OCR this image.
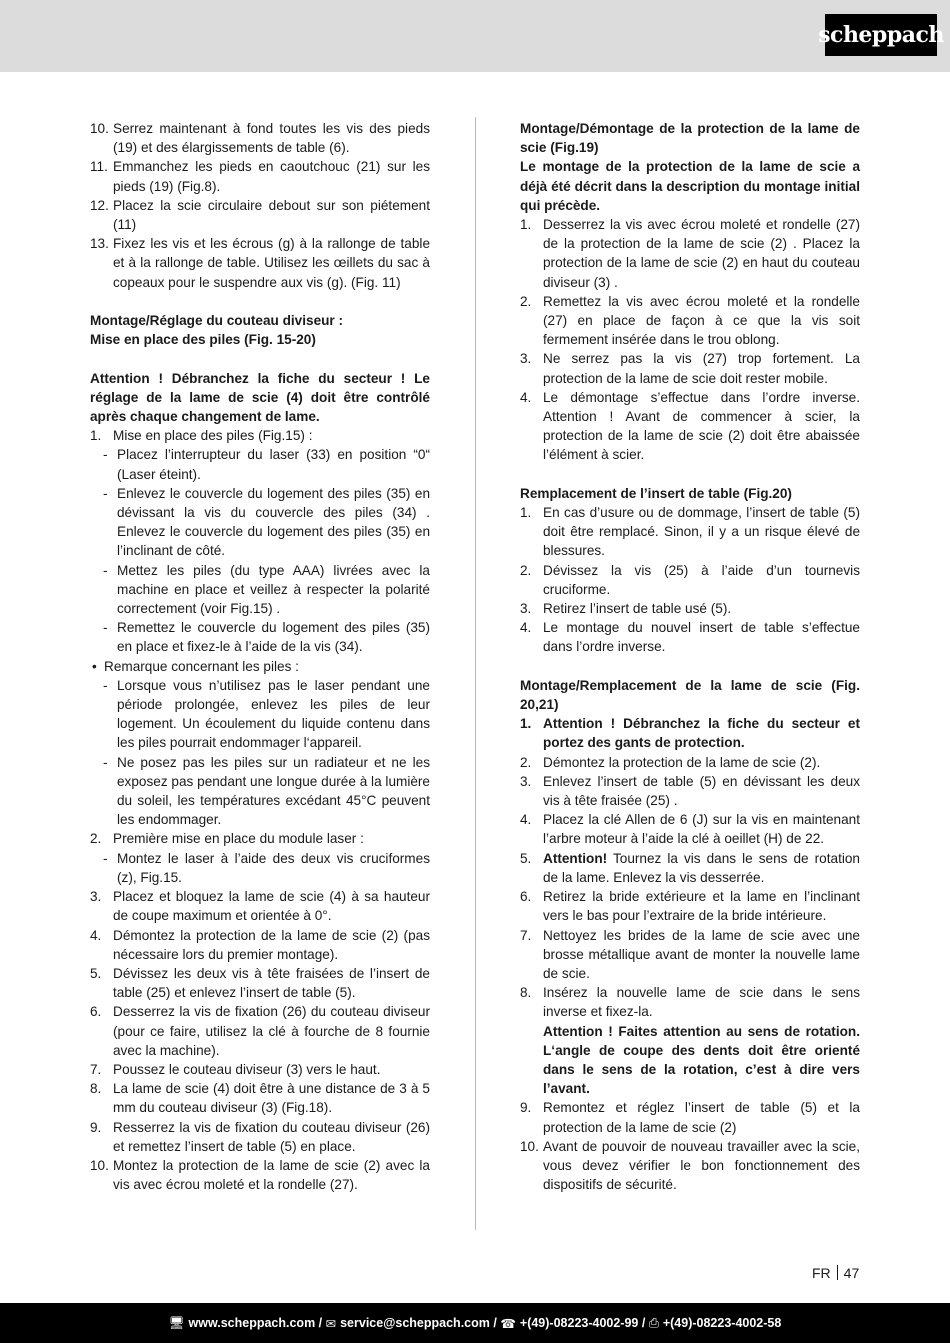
scheppach
10. Serrez maintenant à fond toutes les vis des pieds (19) et des élargissements de table (6).
11. Emmanchez les pieds en caoutchouc (21) sur les pieds (19) (Fig.8).
12. Placez la scie circulaire debout sur son piétement (11)
13. Fixez les vis et les écrous (g) à la rallonge de table et à la rallonge de table. Utilisez les œillets du sac à copeaux pour le suspendre aux vis (g). (Fig. 11)
Montage/Réglage du couteau diviseur :
Mise en place des piles (Fig. 15-20)
Attention ! Débranchez la fiche du secteur ! Le réglage de la lame de scie (4) doit être contrôlé après chaque changement de lame.
1. Mise en place des piles (Fig.15) :
- Placez l’interrupteur du laser (33) en position “0“ (Laser éteint).
- Enlevez le couvercle du logement des piles (35) en dévissant la vis du couvercle des piles (34) . Enlevez le couvercle du logement des piles (35) en l’inclinant de côté.
- Mettez les piles (du type AAA) livrées avec la machine en place et veillez à respecter la polarité correctement (voir Fig.15) .
- Remettez le couvercle du logement des piles (35) en place et fixez-le à l’aide de la vis (34).
• Remarque concernant les piles :
- Lorsque vous n’utilisez pas le laser pendant une période prolongée, enlevez les piles de leur logement. Un écoulement du liquide contenu dans les piles pourrait endommager l‘appareil.
- Ne posez pas les piles sur un radiateur et ne les exposez pas pendant une longue durée à la lumière du soleil, les températures excédant 45°C peuvent les endommager.
2. Première mise en place du module laser :
- Montez le laser à l’aide des deux vis cruciformes (z), Fig.15.
3. Placez et bloquez la lame de scie (4) à sa hauteur de coupe maximum et orientée à 0°.
4. Démontez la protection de la lame de scie (2) (pas nécessaire lors du premier montage).
5. Dévissez les deux vis à tête fraisées de l’insert de table (25) et enlevez l’insert de table (5).
6. Desserrez la vis de fixation (26) du couteau diviseur (pour ce faire, utilisez la clé à fourche de 8 fournie avec la machine).
7. Poussez le couteau diviseur (3) vers le haut.
8. La lame de scie (4) doit être à une distance de 3 à 5 mm du couteau diviseur (3) (Fig.18).
9. Resserrez la vis de fixation du couteau diviseur (26) et remettez l’insert de table (5) en place.
10. Montez la protection de la lame de scie (2) avec la vis avec écrou moleté et la rondelle (27).
Montage/Démontage de la protection de la lame de scie (Fig.19)
Le montage de la protection de la lame de scie a déjà été décrit dans la description du montage initial qui précède.
1. Desserrez la vis avec écrou moleté et rondelle (27) de la protection de la lame de scie (2) . Placez la protection de la lame de scie (2) en haut du couteau diviseur (3) .
2. Remettez la vis avec écrou moleté et la rondelle (27) en place de façon à ce que la vis soit fermement insérée dans le trou oblong.
3. Ne serrez pas la vis (27) trop fortement. La protection de la lame de scie doit rester mobile.
4. Le démontage s’effectue dans l’ordre inverse. Attention ! Avant de commencer à scier, la protection de la lame de scie (2) doit être abaissée l’élément à scier.
Remplacement de l’insert de table (Fig.20)
1. En cas d’usure ou de dommage, l’insert de table (5) doit être remplacé. Sinon, il y a un risque élevé de blessures.
2. Dévissez la vis (25) à l’aide d’un tournevis cruciforme.
3. Retirez l’insert de table usé (5).
4. Le montage du nouvel insert de table s’effectue dans l’ordre inverse.
Montage/Remplacement de la lame de scie (Fig. 20,21)
1. Attention ! Débranchez la fiche du secteur et portez des gants de protection.
2. Démontez la protection de la lame de scie (2).
3. Enlevez l’insert de table (5) en dévissant les deux vis à tête fraisée (25) .
4. Placez la clé Allen de 6 (J) sur la vis en maintenant l’arbre moteur à l’aide la clé à oeillet (H) de 22.
5. Attention! Tournez la vis dans le sens de rotation de la lame. Enlevez la vis desserrée.
6. Retirez la bride extérieure et la lame en l’inclinant vers le bas pour l’extraire de la bride intérieure.
7. Nettoyez les brides de la lame de scie avec une brosse métallique avant de monter la nouvelle lame de scie.
8. Insérez la nouvelle lame de scie dans le sens inverse et fixez-la.
Attention ! Faites attention au sens de rotation. L‘angle de coupe des dents doit être orienté dans le sens de la rotation, c’est à dire vers l’avant.
9. Remontez et réglez l’insert de table (5) et la protection de la lame de scie (2)
10. Avant de pouvoir de nouveau travailler avec la scie, vous devez vérifier le bon fonctionnement des dispositifs de sécurité.
FR 47
🖥 www.scheppach.com /
✉ service@scheppach.com /
☎ +(49)-08223-4002-99 /
⎙ +(49)-08223-4002-58
